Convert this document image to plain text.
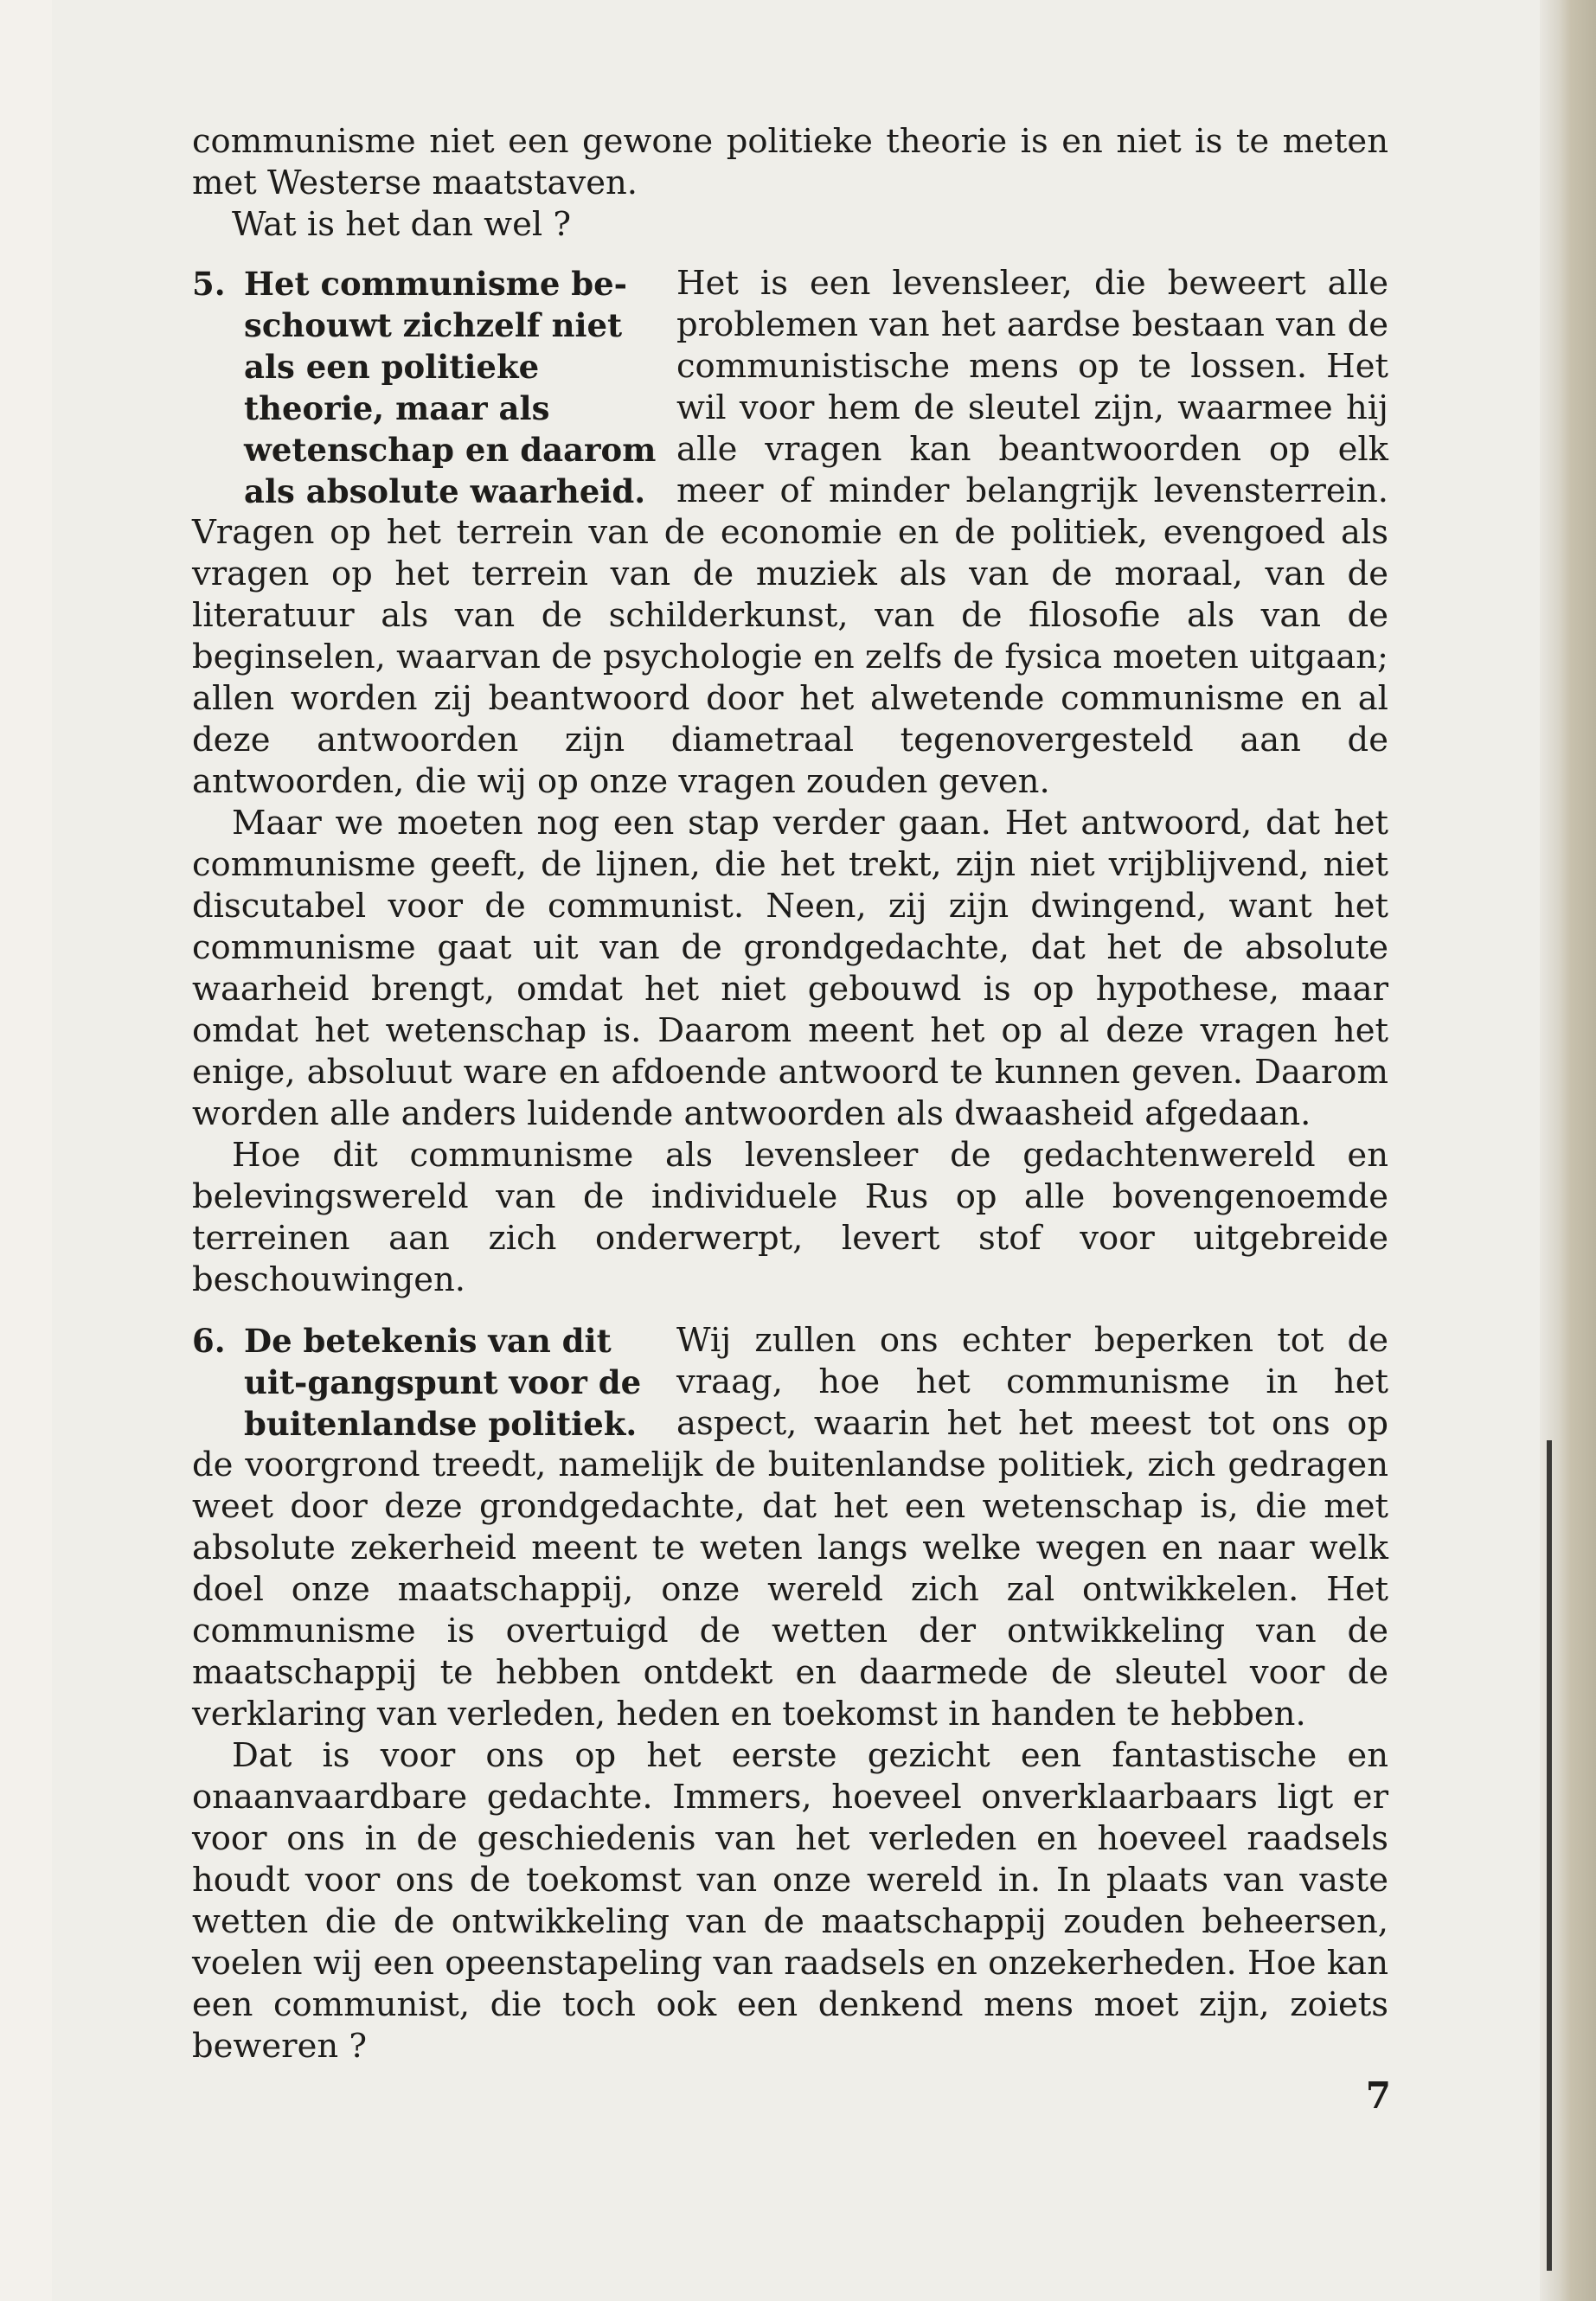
communisme niet een gewone politieke theorie is en niet is te meten met Westerse maatstaven.

Wat is het dan wel ?

5. Het communisme be-schouwt zichzelf niet als een politieke theorie, maar als wetenschap en daarom als absolute waarheid.

Het is een levensleer, die beweert alle problemen van het aardse bestaan van de communistische mens op te lossen. Het wil voor hem de sleutel zijn, waarmee hij alle vragen kan beantwoorden op elk meer of minder belangrijk levensterrein. Vragen op het terrein van de economie en de politiek, evengoed als vragen op het terrein van de muziek als van de moraal, van de literatuur als van de schilderkunst, van de filosofie als van de beginselen, waarvan de psychologie en zelfs de fysica moeten uitgaan; allen worden zij beantwoord door het alwetende communisme en al deze antwoorden zijn diametraal tegenovergesteld aan de antwoorden, die wij op onze vragen zouden geven.

Maar we moeten nog een stap verder gaan. Het antwoord, dat het communisme geeft, de lijnen, die het trekt, zijn niet vrijblijvend, niet discutabel voor de communist. Neen, zij zijn dwingend, want het communisme gaat uit van de grondgedachte, dat het de absolute waarheid brengt, omdat het niet gebouwd is op hypothese, maar omdat het wetenschap is. Daarom meent het op al deze vragen het enige, absoluut ware en afdoende antwoord te kunnen geven. Daarom worden alle anders luidende antwoorden als dwaasheid afgedaan.

Hoe dit communisme als levensleer de gedachtenwereld en belevingswereld van de individuele Rus op alle bovengenoemde terreinen aan zich onderwerpt, levert stof voor uitgebreide beschouwingen.

6. De betekenis van dit uit-gangspunt voor de buitenlandse politiek.

Wij zullen ons echter beperken tot de vraag, hoe het communisme in het aspect, waarin het het meest tot ons op de voorgrond treedt, namelijk de buitenlandse politiek, zich gedragen weet door deze grondgedachte, dat het een wetenschap is, die met absolute zekerheid meent te weten langs welke wegen en naar welk doel onze maatschappij, onze wereld zich zal ontwikkelen. Het communisme is overtuigd de wetten der ontwikkeling van de maatschappij te hebben ontdekt en daarmede de sleutel voor de verklaring van verleden, heden en toekomst in handen te hebben.

Dat is voor ons op het eerste gezicht een fantastische en onaanvaardbare gedachte. Immers, hoeveel onverklaarbaars ligt er voor ons in de geschiedenis van het verleden en hoeveel raadsels houdt voor ons de toekomst van onze wereld in. In plaats van vaste wetten die de ontwikkeling van de maatschappij zouden beheersen, voelen wij een opeenstapeling van raadsels en onzekerheden. Hoe kan een communist, die toch ook een denkend mens moet zijn, zoiets beweren ?

7
